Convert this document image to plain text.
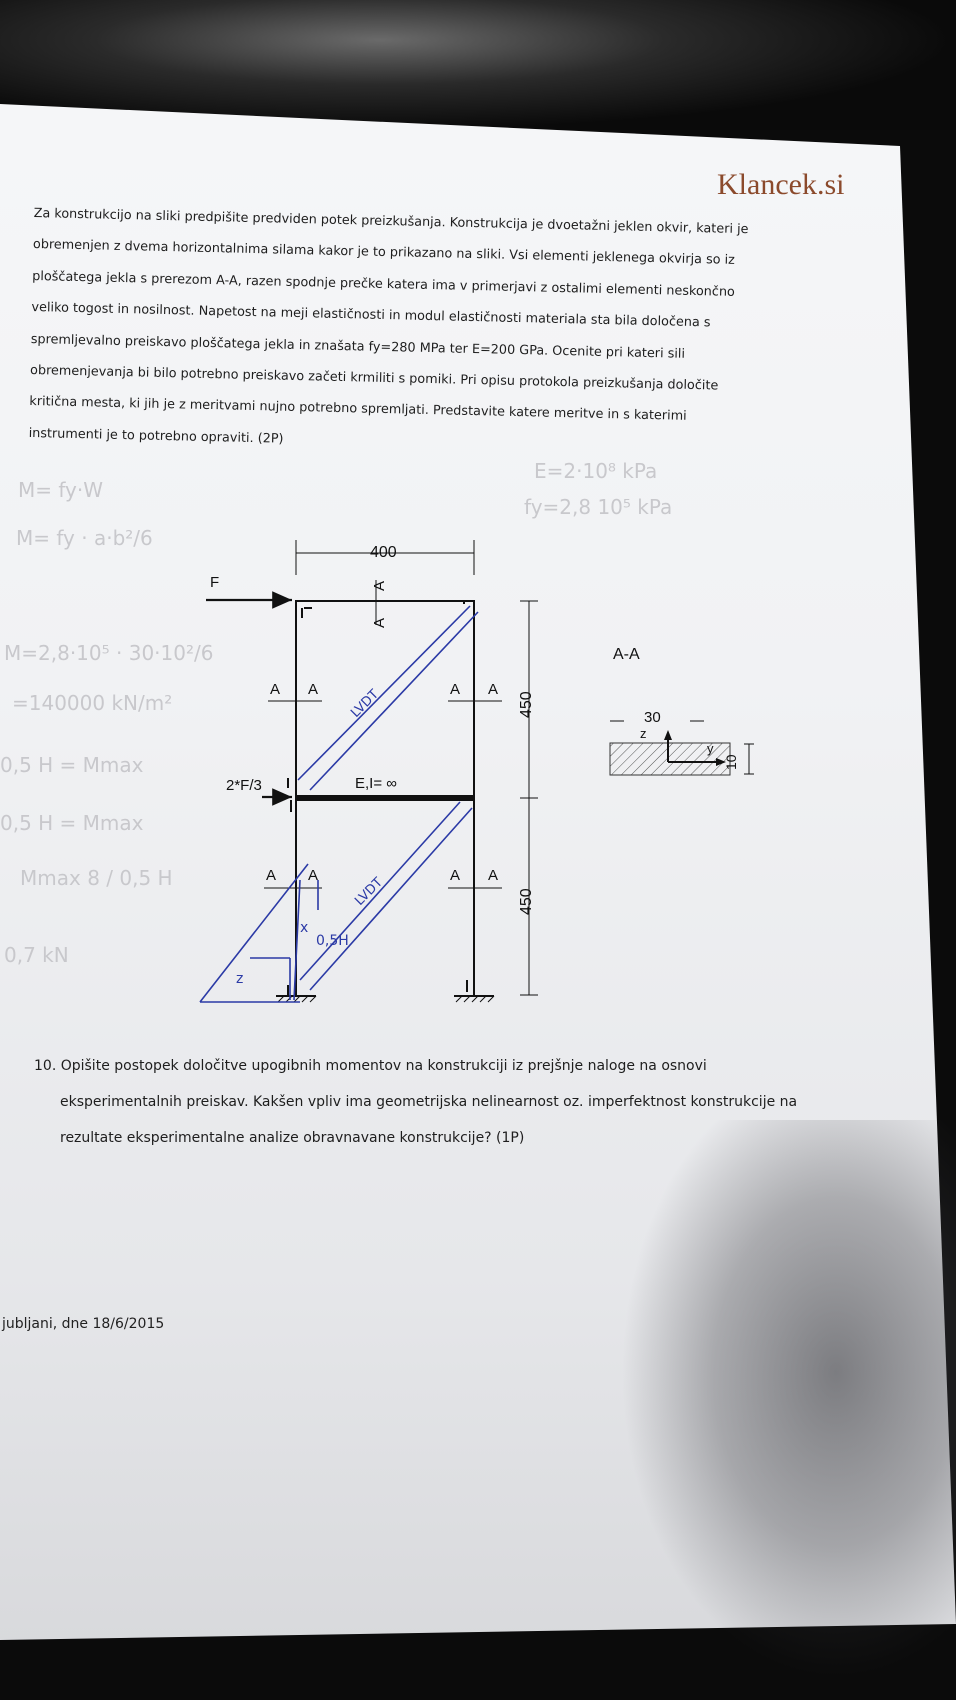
Klancek.si
Za konstrukcijo na sliki predpišite predviden potek preizkušanja. Konstrukcija je dvoetažni jeklen okvir, kateri je
obremenjen z dvema horizontalnima silama kakor je to prikazano na sliki. Vsi elementi jeklenega okvirja so iz
ploščatega jekla s prerezom A-A, razen spodnje prečke katera ima v primerjavi z ostalimi elementi neskončno
veliko togost in nosilnost. Napetost na meji elastičnosti in modul elastičnosti materiala sta bila določena s
spremljevalno preiskavo ploščatega jekla in znašata fy=280 MPa ter E=200 GPa. Ocenite pri kateri sili
obremenjevanja bi bilo potrebno preiskavo začeti krmiliti s pomiki. Pri opisu protokola preizkušanja določite
kritična mesta, ki jih je z meritvami nujno potrebno spremljati. Predstavite katere meritve in s katerimi
instrumenti je to potrebno opraviti. (2P)
F
2*F/3	E,I= ∞
400
450
450
A A	A A
A A	A A
A
A
A-A
30
z
y
10
LVDT
LVDT
0,5H
x
z
M= fy·W
M= fy · a·b²/6
M=2,8·10⁵ · 30·10²/6
=140000 kN/m²
0,5 H = Mmax
0,5 H = Mmax
Mmax 8 / 0,5 H
0,7 kN
E=2·10⁸ kPa
fy=2,8 10⁵ kPa
10. Opišite postopek določitve upogibnih momentov na konstrukciji iz prejšnje naloge na osnovi
eksperimentalnih preiskav. Kakšen vpliv ima geometrijska nelinearnost oz. imperfektnost konstrukcije na
rezultate eksperimentalne analize obravnavane konstrukcije? (1P)
jubljani, dne 18/6/2015
